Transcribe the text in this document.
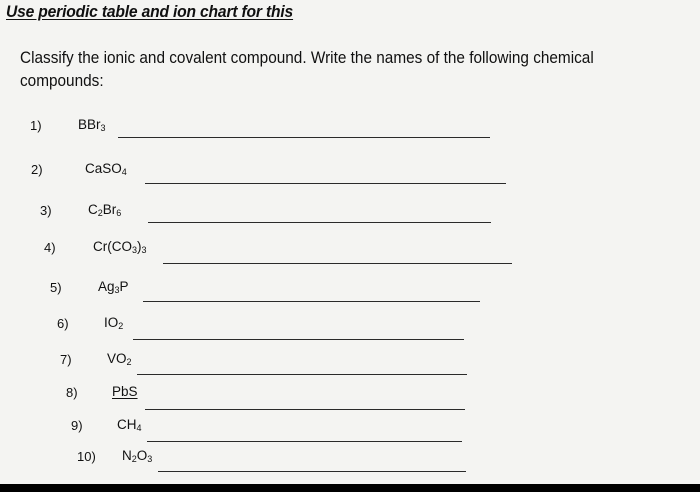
Use periodic table and ion chart for this
Classify the ionic and covalent compound. Write the names of the following chemical
compounds:
1)	BBr$_3$
2)	CaSO$_4$
3)	$C_2Br_6$
4)	$Cr(CO_3)_3$
5)	$Ag_3P$
6)	$IO_2$
7)	$VO_2$
8)	PbS
9)	$CH_4$
10) $N_2O_3$
